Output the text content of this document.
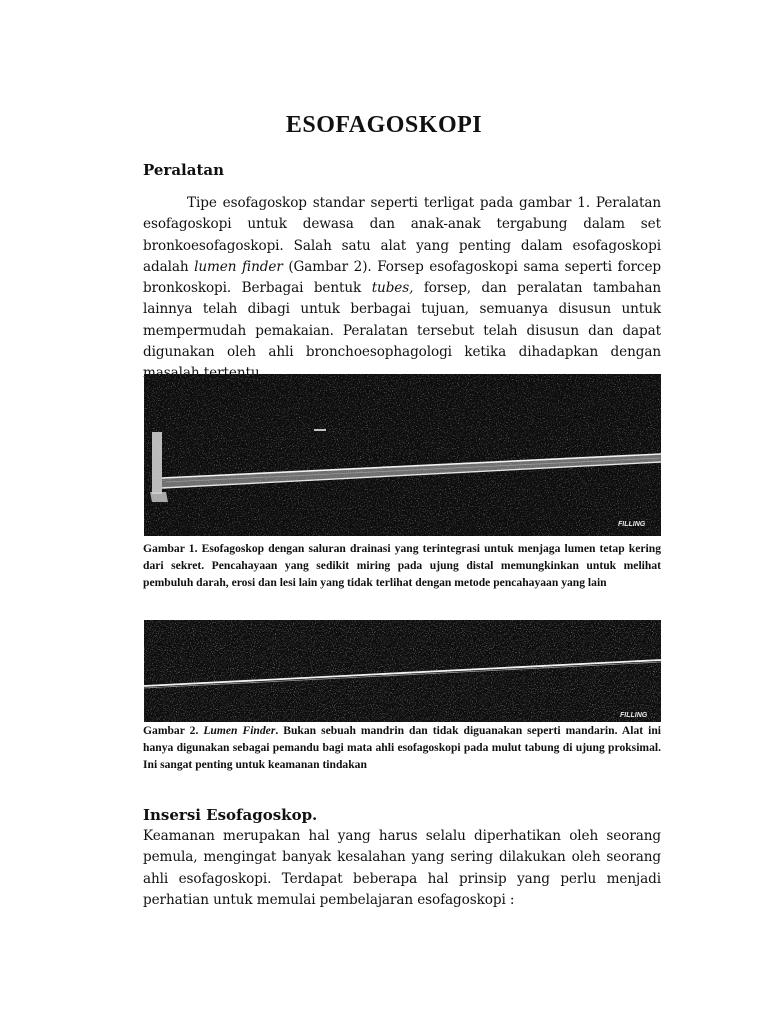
ESOFAGOSKOPI
Peralatan
Tipe esofagoskop standar seperti terligat pada gambar 1. Peralatan esofagoskopi untuk dewasa dan anak-anak tergabung dalam set bronkoesofagoskopi. Salah satu alat yang penting dalam esofagoskopi adalah lumen finder (Gambar 2). Forsep esofagoskopi sama seperti forcep bronkoskopi. Berbagai bentuk tubes, forsep, dan peralatan tambahan lainnya telah dibagi untuk berbagai tujuan, semuanya disusun untuk mempermudah pemakaian. Peralatan tersebut telah disusun dan dapat digunakan oleh ahli bronchoesophagologi ketika dihadapkan dengan
FILLING
Gambar 1. Esofagoskop dengan saluran drainasi yang terintegrasi untuk menjaga lumen tetap kering dari sekret. Pencahayaan yang sedikit miring pada ujung distal memungkinkan untuk melihat pembuluh darah, erosi dan lesi lain yang tidak terlihat dengan metode pencahayaan yang lain
FILLING
Gambar 2. Lumen Finder. Bukan sebuah mandrin dan tidak diguanakan seperti mandarin. Alat ini hanya digunakan sebagai pemandu bagi mata ahli esofagoskopi pada mulut tabung di ujung proksimal. Ini sangat penting untuk keamanan tindakan
Insersi Esofagoskop.
Keamanan merupakan hal yang harus selalu diperhatikan oleh seorang pemula, mengingat banyak kesalahan yang sering dilakukan oleh seorang ahli esofagoskopi. Terdapat beberapa hal prinsip yang perlu menjadi perhatian untuk memulai pembelajaran esofagoskopi :
